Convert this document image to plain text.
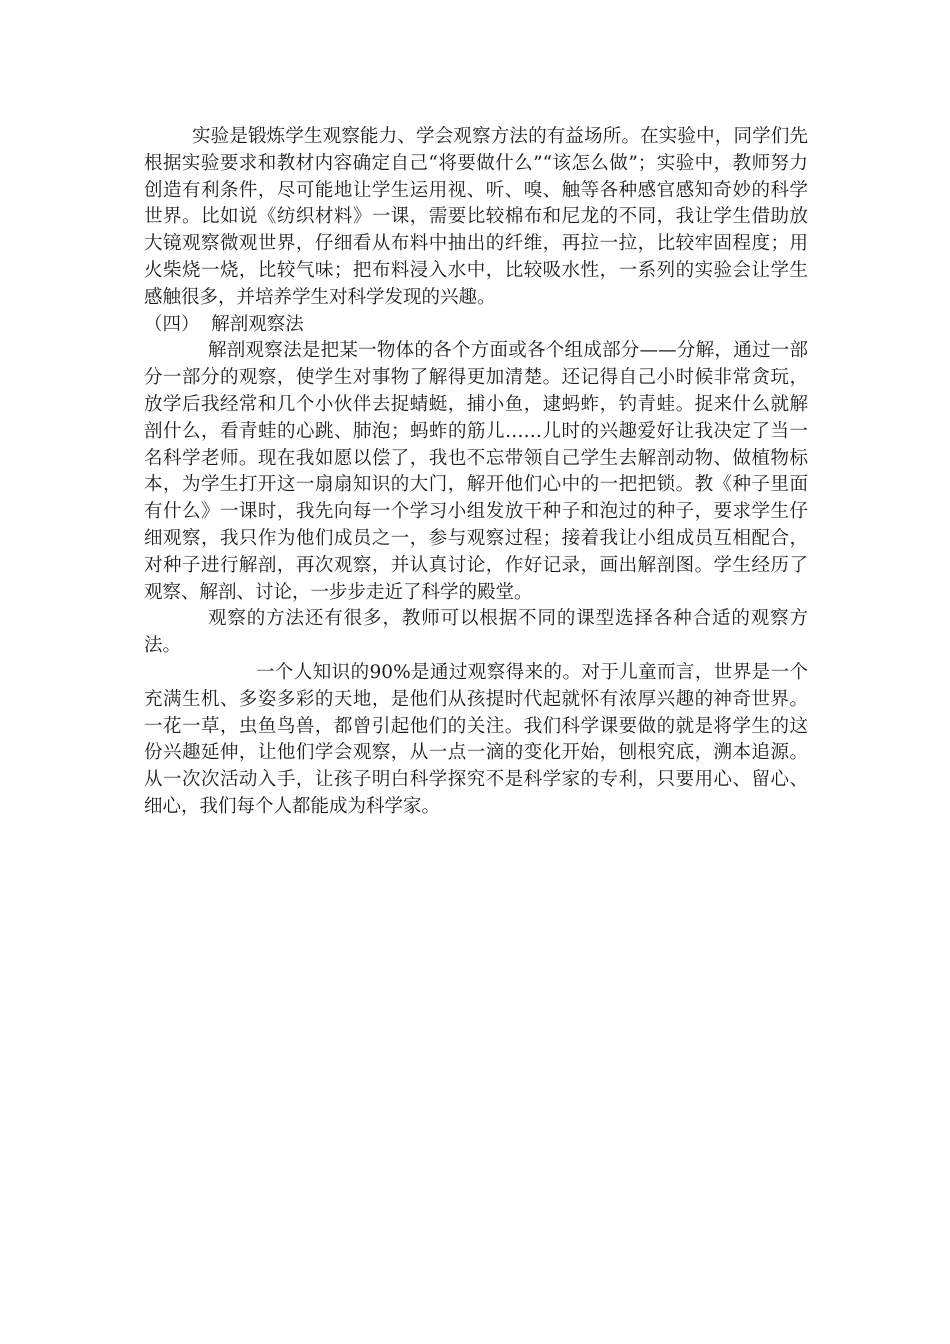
实验是锻炼学生观察能力、学会观察方法的有益场所。在实验中，同学们先根据实验要求和教材内容确定自己“将要做什么”“该怎么做”；实验中，教师努力创造有利条件，尽可能地让学生运用视、听、嗅、触等各种感官感知奇妙的科学世界。比如说《纺织材料》一课，需要比较棉布和尼龙的不同，我让学生借助放大镜观察微观世界，仔细看从布料中抽出的纤维，再拉一拉，比较牢固程度；用火柴烧一烧，比较气味；把布料浸入水中，比较吸水性，一系列的实验会让学生感触很多，并培养学生对科学发现的兴趣。

（四）  解剖观察法

解剖观察法是把某一物体的各个方面或各个组成部分——分解，通过一部分一部分的观察，使学生对事物了解得更加清楚。还记得自己小时候非常贪玩，放学后我经常和几个小伙伴去捉蜻蜓，捕小鱼，逮蚂蚱，钓青蛙。捉来什么就解剖什么，看青蛙的心跳、肺泡；蚂蚱的筋儿……儿时的兴趣爱好让我决定了当一名科学老师。现在我如愿以偿了，我也不忘带领自己学生去解剖动物、做植物标本，为学生打开这一扇扇知识的大门，解开他们心中的一把把锁。教《种子里面有什么》一课时，我先向每一个学习小组发放干种子和泡过的种子，要求学生仔细观察，我只作为他们成员之一，参与观察过程；接着我让小组成员互相配合，对种子进行解剖，再次观察，并认真讨论，作好记录，画出解剖图。学生经历了观察、解剖、讨论，一步步走近了科学的殿堂。

观察的方法还有很多，教师可以根据不同的课型选择各种合适的观察方法。

一个人知识的90%是通过观察得来的。对于儿童而言，世界是一个充满生机、多姿多彩的天地，是他们从孩提时代起就怀有浓厚兴趣的神奇世界。一花一草，虫鱼鸟兽，都曾引起他们的关注。我们科学课要做的就是将学生的这份兴趣延伸，让他们学会观察，从一点一滴的变化开始，刨根究底，溯本追源。从一次次活动入手，让孩子明白科学探究不是科学家的专利，只要用心、留心、细心，我们每个人都能成为科学家。
